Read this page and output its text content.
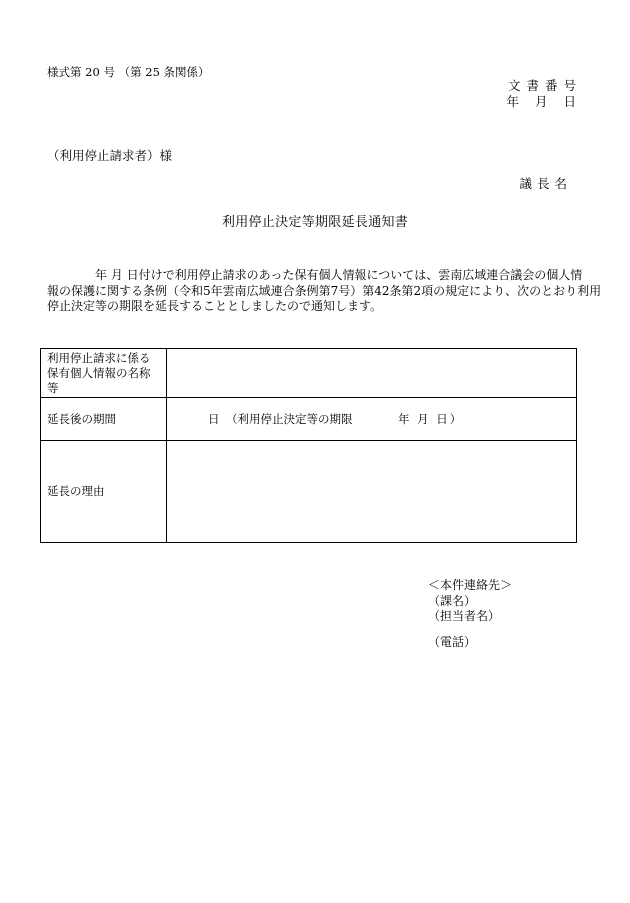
様式第 20 号 （第 25 条関係）
文書番号
年 月 日
（利用停止請求者）様
議長名
利用停止決定等期限延長通知書
年 月 日付けで利用停止請求のあった保有個人情報については、雲南広域連合議会の個人情
報の保護に関する条例（令和5年雲南広域連合条例第7号）第42条第2項の規定により、次のとおり利用
停止決定等の期限を延長することとしましたので通知します。
利用停止請求に係る保有個人情報の名称等	
延長後の期間	日 （利用停止決定等の期限 年 月 日）

延長の理由	
＜本件連絡先＞
（課名）
（担当者名）
（電話）
